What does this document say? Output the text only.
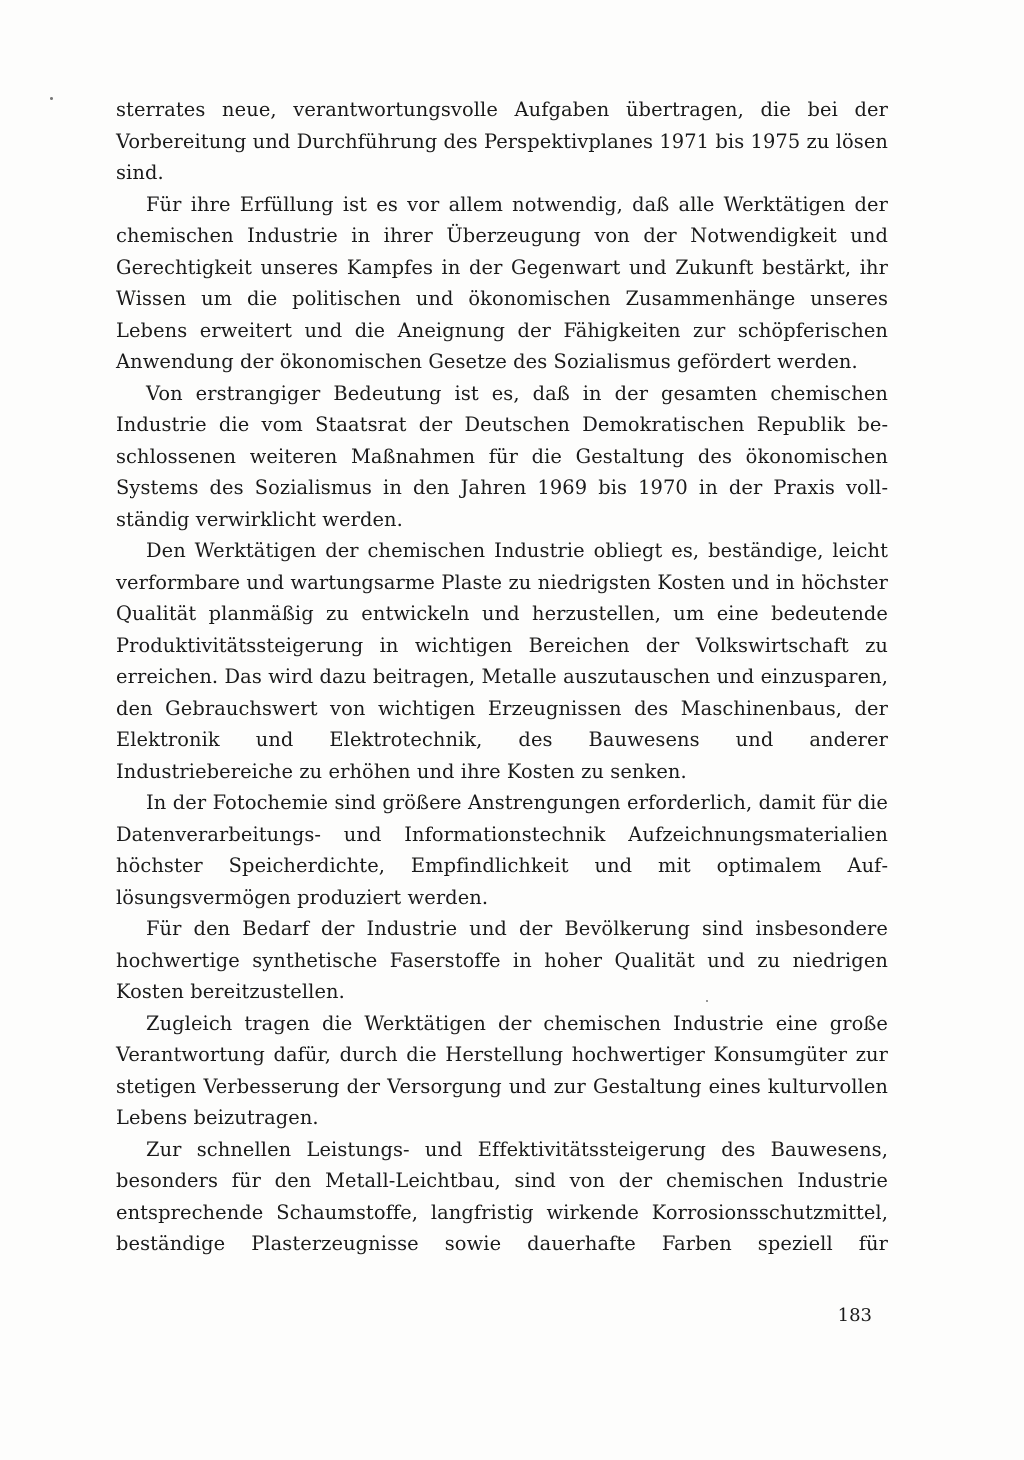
sterrates neue, verantwortungsvolle Aufgaben übertragen, die bei der Vorbereitung und Durchführung des Perspektivplanes 1971 bis 1975 zu lösen sind.

Für ihre Erfüllung ist es vor allem notwendig, daß alle Werktätigen der chemischen Industrie in ihrer Überzeugung von der Notwendigkeit und Gerechtigkeit unseres Kampfes in der Gegenwart und Zukunft bestärkt, ihr Wissen um die politischen und ökonomischen Zusammenhänge unseres Lebens erweitert und die Aneignung der Fähigkeiten zur schöpferischen Anwendung der ökonomischen Gesetze des Sozialismus gefördert werden.

Von erstrangiger Bedeutung ist es, daß in der gesamten chemischen Industrie die vom Staatsrat der Deutschen Demokratischen Republik beschlossenen weiteren Maßnahmen für die Gestaltung des ökonomischen Systems des Sozialismus in den Jahren 1969 bis 1970 in der Praxis vollständig verwirklicht werden.

Den Werktätigen der chemischen Industrie obliegt es, beständige, leicht verformbare und wartungsarme Plaste zu niedrigsten Kosten und in höchster Qualität planmäßig zu entwickeln und herzustellen, um eine bedeutende Produktivitätssteigerung in wichtigen Bereichen der Volkswirtschaft zu erreichen. Das wird dazu beitragen, Metalle auszutauschen und einzusparen, den Gebrauchswert von wichtigen Erzeugnissen des Maschinenbaus, der Elektronik und Elektrotechnik, des Bauwesens und anderer Industriebereiche zu erhöhen und ihre Kosten zu senken.

In der Fotochemie sind größere Anstrengungen erforderlich, damit für die Datenverarbeitungs- und Informationstechnik Aufzeichnungsmaterialien höchster Speicherdichte, Empfindlichkeit und mit optimalem Auflösungsvermögen produziert werden.

Für den Bedarf der Industrie und der Bevölkerung sind insbesondere hochwertige synthetische Faserstoffe in hoher Qualität und zu niedrigen Kosten bereitzustellen.

Zugleich tragen die Werktätigen der chemischen Industrie eine große Verantwortung dafür, durch die Herstellung hochwertiger Konsumgüter zur stetigen Verbesserung der Versorgung und zur Gestaltung eines kulturvollen Lebens beizutragen.

Zur schnellen Leistungs- und Effektivitätssteigerung des Bauwesens, besonders für den Metall-Leichtbau, sind von der chemischen Industrie entsprechende Schaumstoffe, langfristig wirkende Korrosionsschutzmittel, beständige Plasterzeugnisse sowie dauerhafte Farben speziell für

183
